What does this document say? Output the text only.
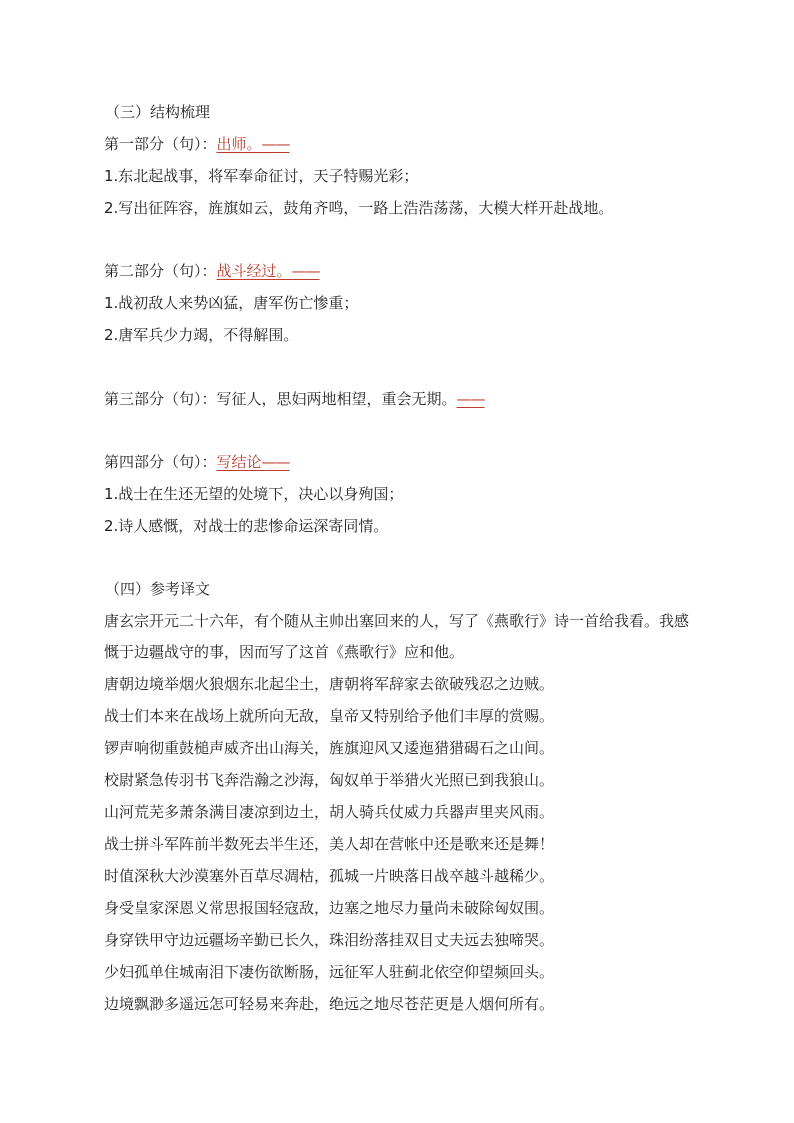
（三）结构梳理
第一部分（句）：出师。——
1.东北起战事，将军奉命征讨，天子特赐光彩；
2.写出征阵容，旌旗如云，鼓角齐鸣，一路上浩浩荡荡，大模大样开赴战地。
第二部分（句）：战斗经过。——
1.战初敌人来势凶猛，唐军伤亡惨重；
2.唐军兵少力竭，不得解围。
第三部分（句）：写征人，思妇两地相望，重会无期。——
第四部分（句）：写结论——
1.战士在生还无望的处境下，决心以身殉国；
2.诗人感慨，对战士的悲惨命运深寄同情。
（四）参考译文
唐玄宗开元二十六年，有个随从主帅出塞回来的人，写了《燕歌行》诗一首给我看。我感
慨于边疆战守的事，因而写了这首《燕歌行》应和他。
唐朝边境举烟火狼烟东北起尘土，唐朝将军辞家去欲破残忍之边贼。
战士们本来在战场上就所向无敌，皇帝又特别给予他们丰厚的赏赐。
锣声响彻重鼓槌声威齐出山海关，旌旗迎风又逶迤猎猎碣石之山间。
校尉紧急传羽书飞奔浩瀚之沙海，匈奴单于举猎火光照已到我狼山。
山河荒芜多萧条满目凄凉到边土，胡人骑兵仗威力兵器声里夹风雨。
战士拼斗军阵前半数死去半生还，美人却在营帐中还是歌来还是舞！
时值深秋大沙漠塞外百草尽凋枯，孤城一片映落日战卒越斗越稀少。
身受皇家深恩义常思报国轻寇敌，边塞之地尽力量尚未破除匈奴围。
身穿铁甲守边远疆场辛勤已长久，珠泪纷落挂双目丈夫远去独啼哭。
少妇孤单住城南泪下凄伤欲断肠，远征军人驻蓟北依空仰望频回头。
边境飘渺多遥远怎可轻易来奔赴，绝远之地尽苍茫更是人烟何所有。
